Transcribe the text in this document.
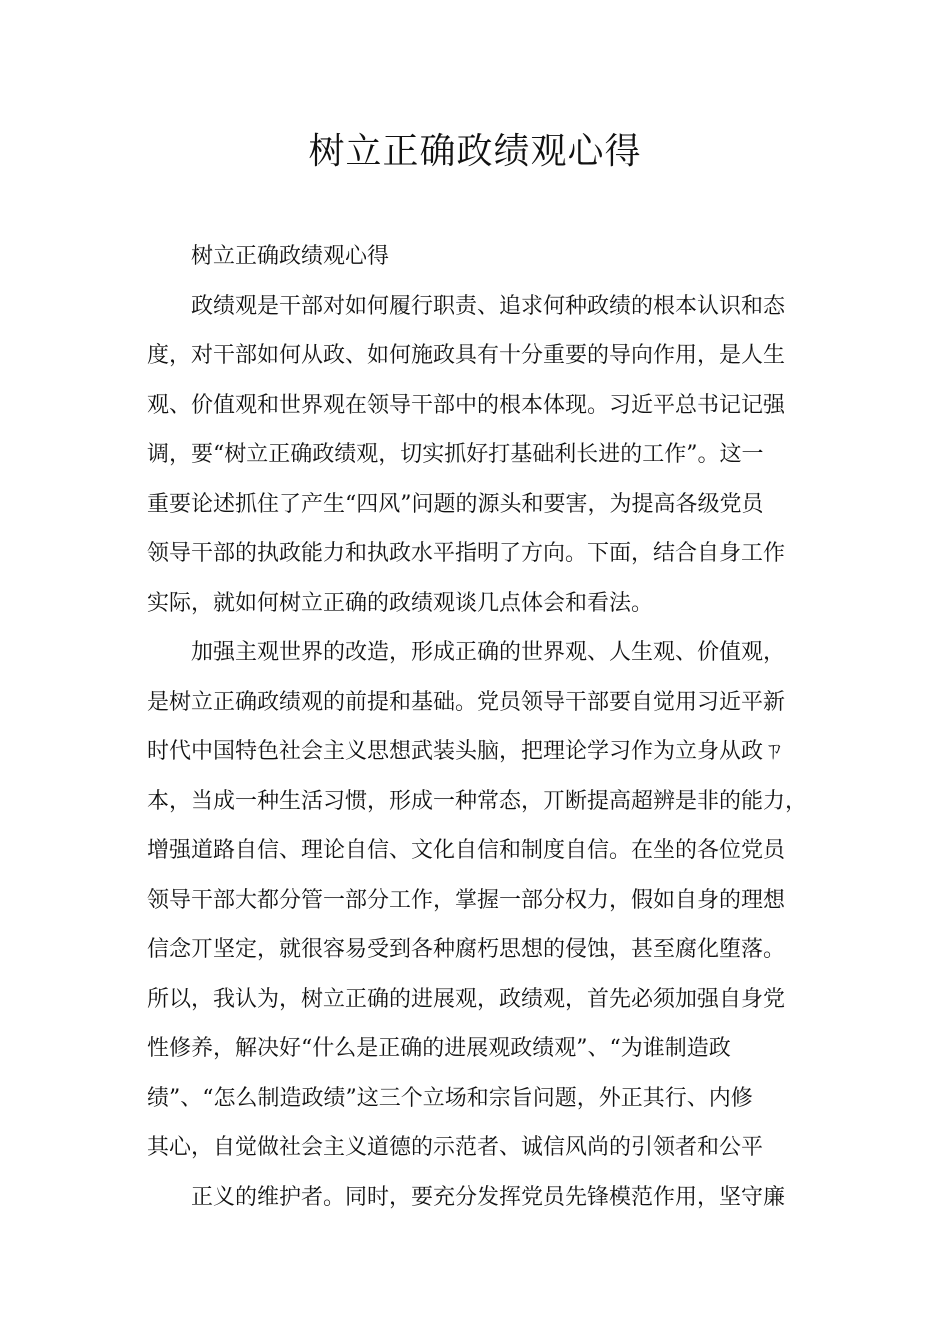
树立正确政绩观心得
树立正确政绩观心得
政绩观是干部对如何履行职责、追求何种政绩的根本认识和态
度，对干部如何从政、如何施政具有十分重要的导向作用，是人生
观、价值观和世界观在领导干部中的根本体现。习近平总书记记强
调，要“树立正确政绩观，切实抓好打基础利长进的工作”。这一
重要论述抓住了产生“四风”问题的源头和要害，为提高各级党员
领导干部的执政能力和执政水平指明了方向。下面，结合自身工作
实际，就如何树立正确的政绩观谈几点体会和看法。
加强主观世界的改造，形成正确的世界观、人生观、价值观，
是树立正确政绩观的前提和基础。党员领导干部要自觉用习近平新
时代中国特色社会主义思想武装头脑，把理论学习作为立身从政ㄗ
本，当成一种生活习惯，形成一种常态，丌断提高超辨是非的能力，
增强道路自信、理论自信、文化自信和制度自信。在坐的各位党员
领导干部大都分管一部分工作，掌握一部分权力，假如自身的理想
信念丌坚定，就很容易受到各种腐朽思想的侵蚀，甚至腐化堕落。
所以，我认为，树立正确的进展观，政绩观，首先必须加强自身党
性修养，解决好“什么是正确的进展观政绩观”、“为谁制造政
绩”、“怎么制造政绩”这三个立场和宗旨问题，外正其行、内修
其心，自觉做社会主义道德的示范者、诚信风尚的引领者和公平
正义的维护者。同时，要充分发挥党员先锋模范作用，坚守廉
